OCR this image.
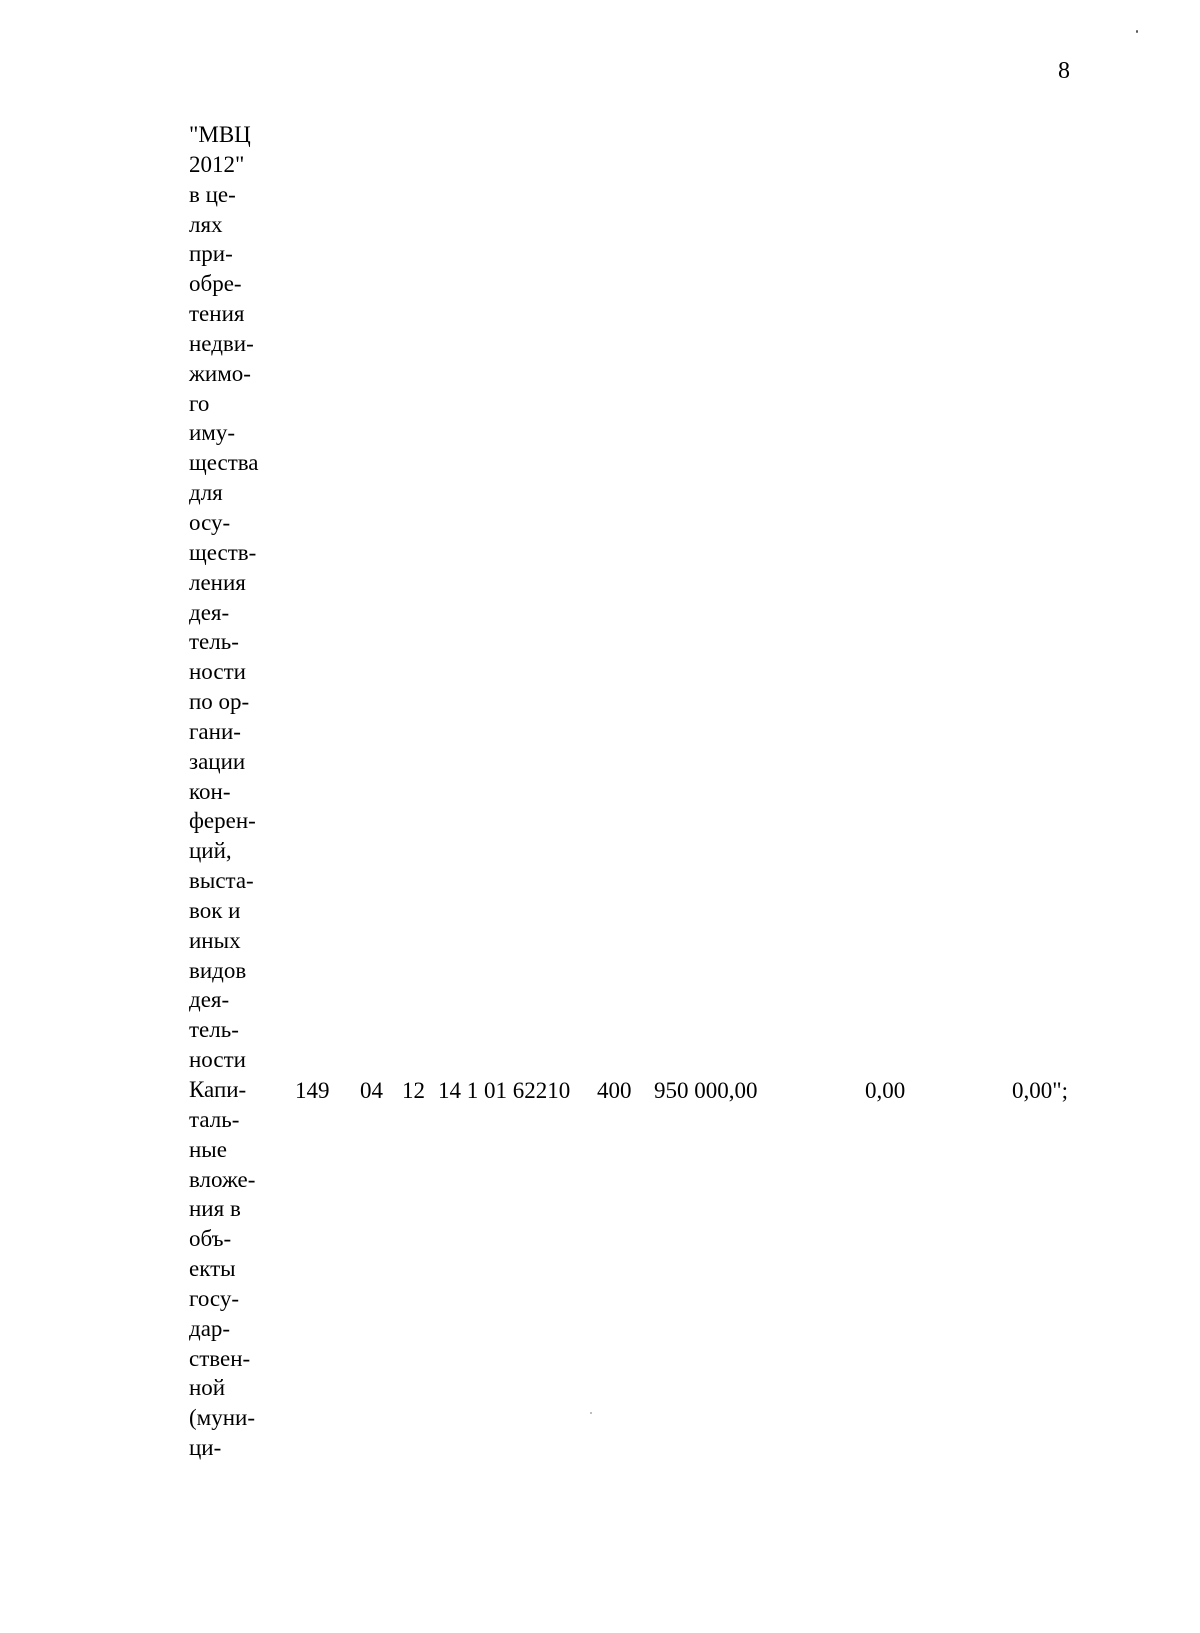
8
"МВЦ
2012"
в це-
лях
при-
обре-
тения
недви-
жимо-
го
иму-
щества
для
осу-
ществ-
ления
дея-
тель-
ности
по ор-
гани-
зации
кон-
ферен-
ций,
выста-
вок и
иных
видов
дея-
тель-
ности
Капи-
таль-
ные
вложе-
ния в
объ-
екты
госу-
дар-
ствен-
ной
(муни-
ци-
149 04 12 14 1 01 62210 400 950 000,00	0,00	0,00";
